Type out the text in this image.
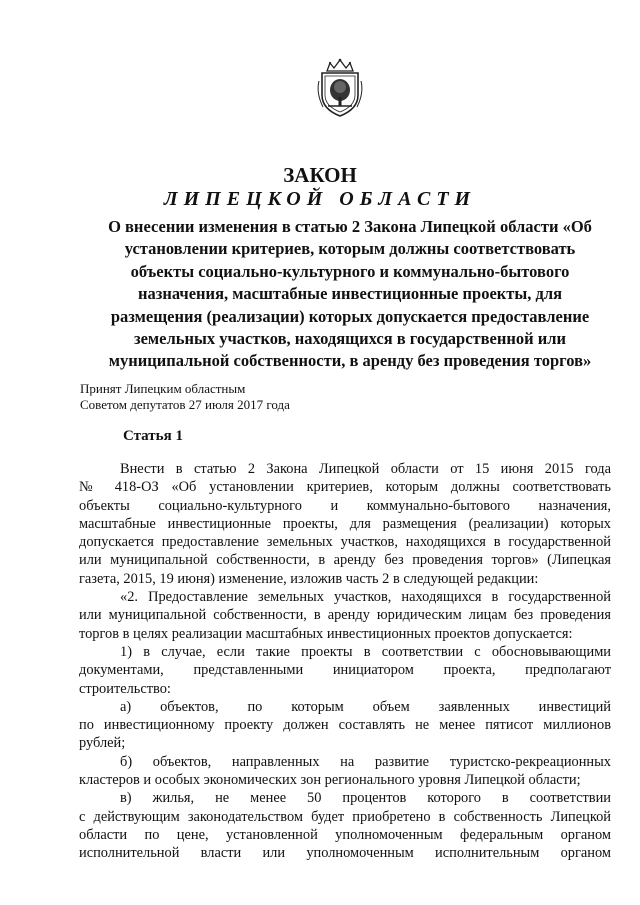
ЗАКОН
ЛИПЕЦКОЙ ОБЛАСТИ
О внесении изменения в статью 2 Закона Липецкой области «Об
установлении критериев, которым должны соответствовать
объекты социально-культурного и коммунально-бытового
назначения, масштабные инвестиционные проекты, для
размещения (реализации) которых допускается предоставление
земельных участков, находящихся в государственной или
муниципальной собственности, в аренду без проведения торгов»
Принят Липецким областным
Советом депутатов 27 июля 2017 года
Статья 1
Внести в статью 2 Закона Липецкой области от 15 июня 2015 года
№ 418-ОЗ «Об установлении критериев, которым должны соответствовать
объекты социально-культурного и коммунально-бытового назначения,
масштабные инвестиционные проекты, для размещения (реализации) которых
допускается предоставление земельных участков, находящихся в государственной
или муниципальной собственности, в аренду без проведения торгов» (Липецкая
газета, 2015, 19 июня) изменение, изложив часть 2 в следующей редакции:
«2. Предоставление земельных участков, находящихся в государственной
или муниципальной собственности, в аренду юридическим лицам без проведения
торгов в целях реализации масштабных инвестиционных проектов допускается:
1) в случае, если такие проекты в соответствии с обосновывающими
документами, представленными инициатором проекта, предполагают
строительство:
а) объектов, по которым объем заявленных инвестиций
по инвестиционному проекту должен составлять не менее пятисот миллионов
рублей;
б) объектов, направленных на развитие туристско-рекреационных
кластеров и особых экономических зон регионального уровня Липецкой области;
в) жилья, не менее 50 процентов которого в соответствии
с действующим законодательством будет приобретено в собственность Липецкой
области по цене, установленной уполномоченным федеральным органом
исполнительной власти или уполномоченным исполнительным органом
